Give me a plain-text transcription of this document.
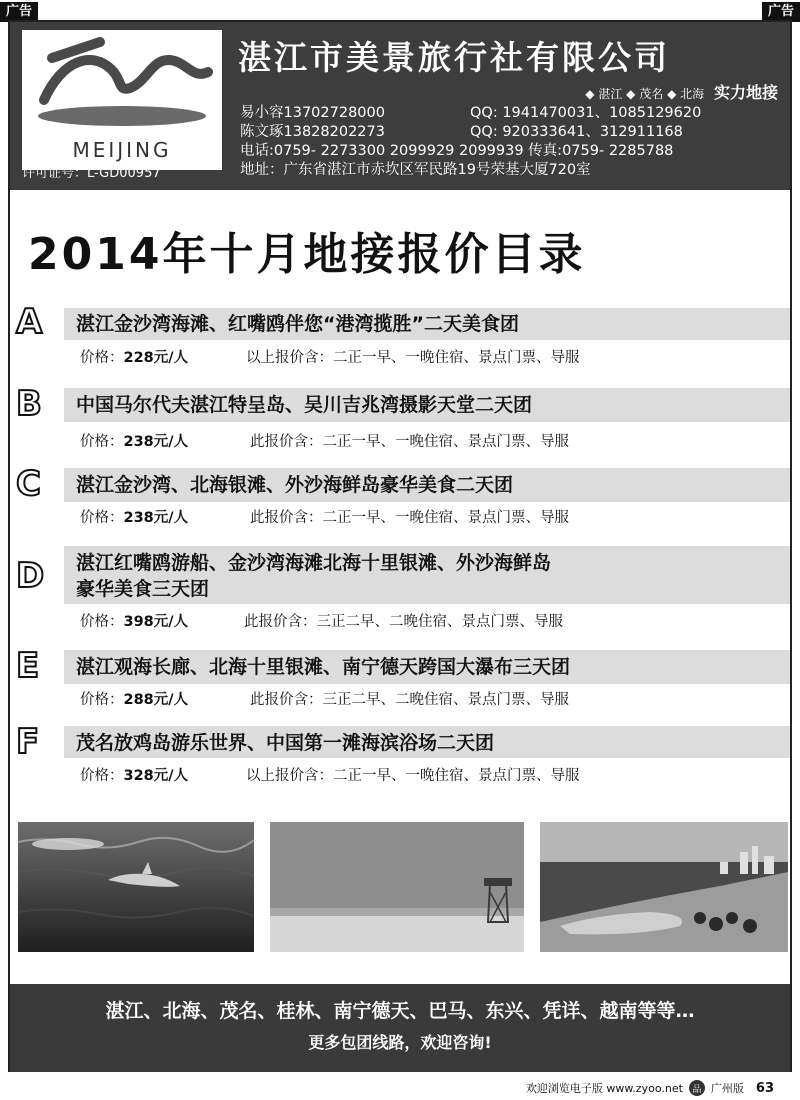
广告	广告
MEIJING
许可证号：L-GD00957
湛江市美景旅行社有限公司
◆ 湛江 ◆ 茂名 ◆ 北海 实力地接
易小容13702728000	QQ: 1941470031、1085129620
陈文琢13828202273	QQ: 920333641、312911168
电话:0759- 2273300 2099929 2099939 传真:0759- 2285788
地址：广东省湛江市赤坎区军民路19号荣基大厦720室
2014年十月地接报价目录
A 湛江金沙湾海滩、红嘴鸥伴您“港湾揽胜”二天美食团
价格：228元/人	以上报价含：二正一早、一晚住宿、景点门票、导服
B 中国马尔代夫湛江特呈岛、吴川吉兆湾摄影天堂二天团
价格：238元/人	此报价含：二正一早、一晚住宿、景点门票、导服
C 湛江金沙湾、北海银滩、外沙海鲜岛豪华美食二天团
价格：238元/人	此报价含：二正一早、一晚住宿、景点门票、导服
D 湛江红嘴鸥游船、金沙湾海滩北海十里银滩、外沙海鲜岛
豪华美食三天团
价格：398元/人	此报价含：三正二早、二晚住宿、景点门票、导服
E 湛江观海长廊、北海十里银滩、南宁德天跨国大瀑布三天团
价格：288元/人	此报价含：三正二早、二晚住宿、景点门票、导服
F 茂名放鸡岛游乐世界、中国第一滩海滨浴场二天团
价格：328元/人	以上报价含：二正一早、一晚住宿、景点门票、导服
湛江、北海、茂名、桂林、南宁德天、巴马、东兴、凭详、越南等等…
更多包团线路，欢迎咨询!
欢迎浏览电子版 www.zyoo.net	品 广州版 63
